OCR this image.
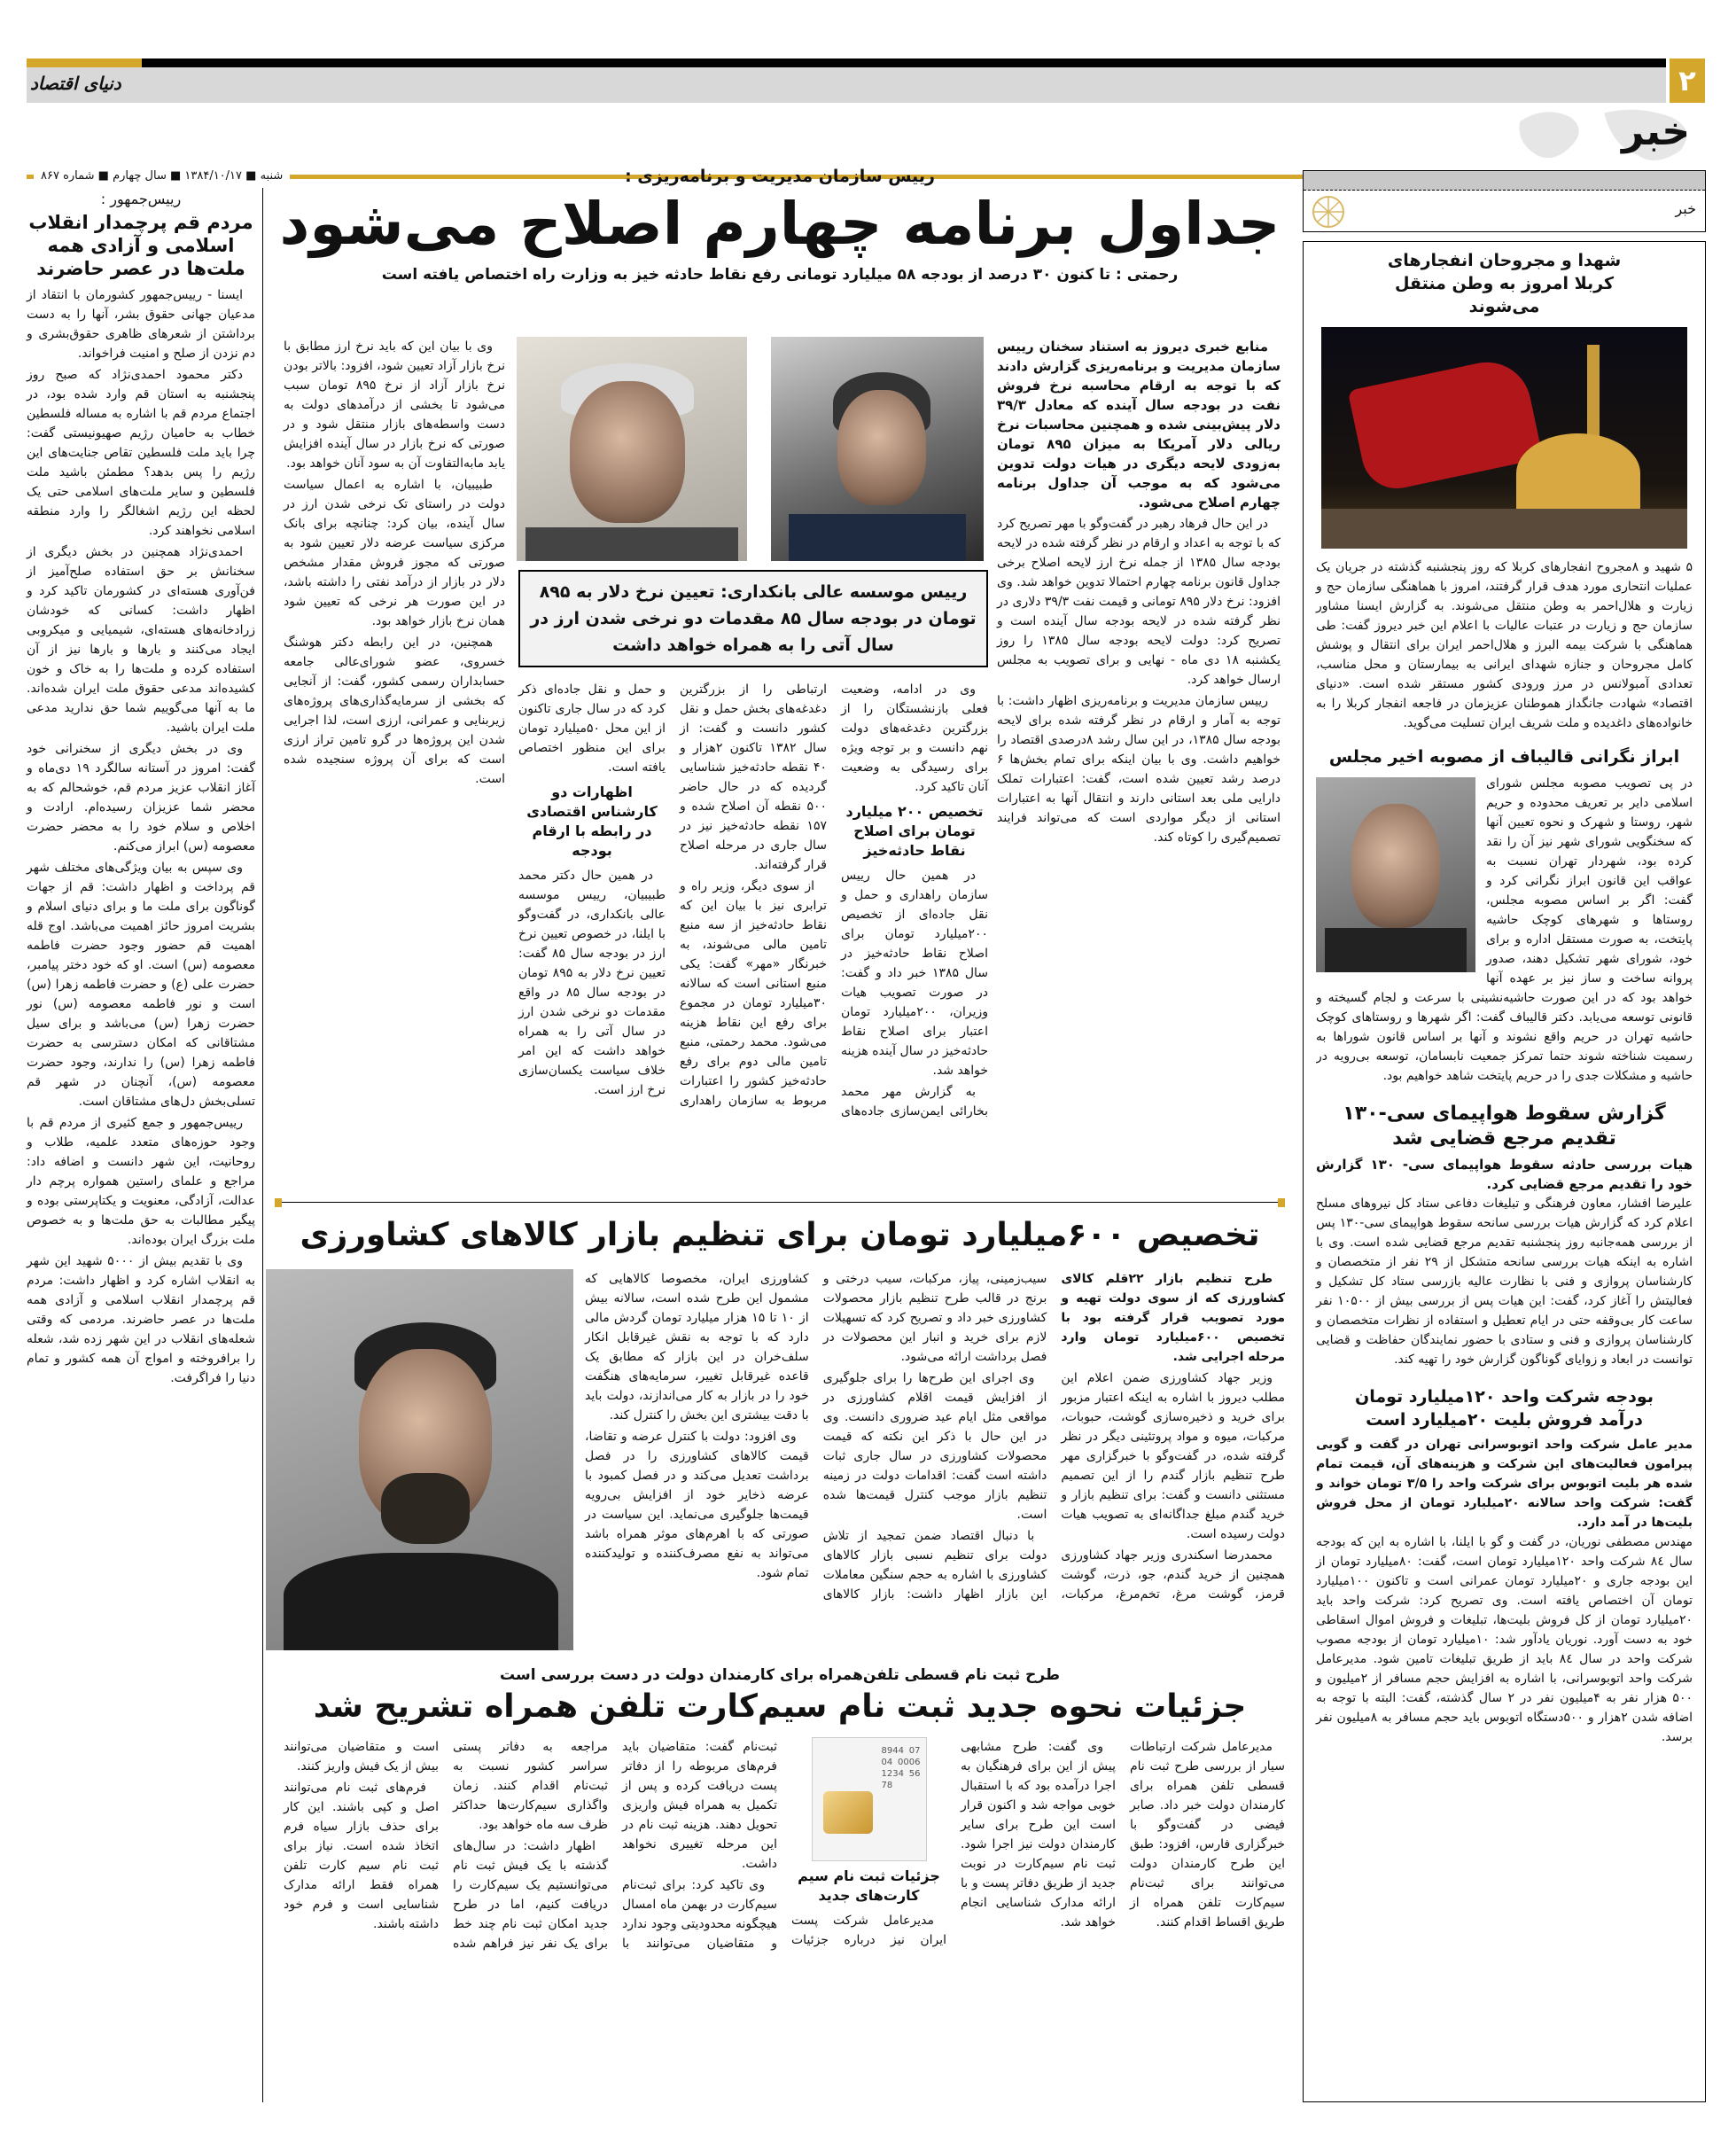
دنیای اقتصاد	۲
خبر
شنبه ■ ۱۳۸۴/۱۰/۱۷ ■ سال چهارم ■ شماره ۸۶۷
رییس‌جمهور :
مردم قم پرچمدار انقلاب اسلامی و آزادی همه ملت‌ها در عصر حاضرند

ایسنا - رییس‌جمهور کشورمان با انتقاد از مدعیان جهانی حقوق بشر، آنها را به دست برداشتن از شعرهای ظاهری حقوق‌بشری و دم نزدن از صلح و امنیت فراخواند.

دکتر محمود احمدی‌نژاد که صبح روز پنجشنبه به استان قم وارد شده بود، در اجتماع مردم قم با اشاره به مساله فلسطین خطاب به حامیان رژیم صهیونیستی گفت: چرا باید ملت فلسطین تقاص جنایت‌های این رژیم را پس بدهد؟ مطمئن باشید ملت فلسطین و سایر ملت‌های اسلامی حتی یک لحظه این رژیم اشغالگر را وارد منطقه اسلامی نخواهند کرد.

احمدی‌نژاد همچنین در بخش دیگری از سخنانش بر حق استفاده صلح‌آمیز از فن‌آوری هسته‌ای در کشورمان تاکید کرد و اظهار داشت: کسانی که خودشان زرادخانه‌های هسته‌ای، شیمیایی و میکروبی ایجاد می‌کنند و بارها و بارها نیز از آن استفاده کرده و ملت‌ها را به خاک و خون کشیده‌اند مدعی حقوق ملت ایران شده‌اند. ما به آنها می‌گوییم شما حق ندارید مدعی ملت ایران باشید.

وی در بخش دیگری از سخنرانی خود گفت: امروز در آستانه سالگرد ۱۹ دی‌ماه و آغاز انقلاب عزیز مردم قم، خوشحالم که به محضر شما عزیزان رسیده‌ام. ارادت و اخلاص و سلام خود را به محضر حضرت معصومه (س) ابراز می‌کنم.

وی سپس به بیان ویژگی‌های مختلف شهر قم پرداخت و اظهار داشت: قم از جهات گوناگون برای ملت ما و برای دنیای اسلام و بشریت امروز حائز اهمیت می‌باشد. اوج قله اهمیت قم حضور وجود حضرت فاطمه معصومه (س) است. او که خود دختر پیامبر، حضرت علی (ع) و حضرت فاطمه زهرا (س) است و نور فاطمه معصومه (س) نور حضرت زهرا (س) می‌باشد و برای سیل مشتاقانی که امکان دسترسی به حضرت فاطمه زهرا (س) را ندارند، وجود حضرت معصومه (س)، آنچنان در شهر قم تسلی‌بخش دل‌های مشتاقان است.

رییس‌جمهور و جمع کثیری از مردم قم با وجود حوزه‌های متعدد علمیه، طلاب و روحانیت، این شهر دانست و اضافه داد: مراجع و علمای راستین همواره پرچم دار عدالت، آزادگی، معنویت و یکتاپرستی بوده و پیگیر مطالبات به حق ملت‌ها و به خصوص ملت بزرگ ایران بوده‌اند.

وی با تقدیم بیش از ۵۰۰۰ شهید این شهر به انقلاب اشاره کرد و اظهار داشت: مردم قم پرچمدار انقلاب اسلامی و آزادی همه ملت‌ها در عصر حاضرند. مردمی که وقتی شعله‌های انقلاب در این شهر زده شد، شعله را برافروخته و امواج آن همه کشور و تمام دنیا را فراگرفت.

رییس سازمان مدیریت و برنامه‌ریزی :
جداول برنامه چهارم اصلاح می‌شود
رحمتی : تا کنون ۳۰ درصد از بودجه ۵۸ میلیارد تومانی رفع نقاط حادثه خیز به وزارت راه اختصاص یافته است

منابع خبری دیروز به استناد سخنان رییس سازمان مدیریت و برنامه‌ریزی گزارش دادند که با توجه به ارقام محاسبه نرخ فروش نفت در بودجه سال آینده که معادل ۳۹/۳ دلار پیش‌بینی شده و همچنین محاسبات نرخ ریالی دلار آمریکا به میزان ۸۹۵ تومان به‌زودی لایحه دیگری در هیات دولت تدوین می‌شود که به موجب آن جداول برنامه چهارم اصلاح می‌شود.

در این حال فرهاد رهبر در گفت‌وگو با مهر تصریح کرد که با توجه به اعداد و ارقام در نظر گرفته شده در لایحه بودجه سال ۱۳۸۵ از جمله نرخ ارز لایحه اصلاح برخی جداول قانون برنامه چهارم احتمالا تدوین خواهد شد. وی افزود: نرخ دلار ۸۹۵ تومانی و قیمت نفت ۳۹/۳ دلاری در نظر گرفته شده در لایحه بودجه سال آینده است و تصریح کرد: دولت لایحه بودجه سال ۱۳۸۵ را روز یکشنبه ۱۸ دی ماه - نهایی و برای تصویب به مجلس ارسال خواهد کرد.

رییس سازمان مدیریت و برنامه‌ریزی اظهار داشت: با توجه به آمار و ارقام در نظر گرفته شده برای لایحه بودجه سال ۱۳۸۵، در این سال رشد ۸درصدی اقتصاد را خواهیم داشت. وی با بیان اینکه برای تمام بخش‌ها ۶ درصد رشد تعیین شده است، گفت: اعتبارات تملک دارایی ملی بعد استانی دارند و انتقال آنها به اعتبارات استانی از دیگر مواردی است که می‌تواند فرایند تصمیم‌گیری را کوتاه کند.

رییس موسسه عالی بانکداری: تعیین نرخ دلار به ۸۹۵ تومان در بودجه سال ۸۵ مقدمات دو نرخی شدن ارز در سال آتی را به همراه خواهد داشت

وی در ادامه، وضعیت فعلی بازنشستگان را از بزرگترین دغدغه‌های دولت نهم دانست و بر توجه ویژه برای رسیدگی به وضعیت آنان تاکید کرد.

تخصیص ۲۰۰ میلیارد تومان برای اصلاح نقاط حادثه‌خیز

در همین حال رییس سازمان راهداری و حمل و نقل جاده‌ای از تخصیص ۲۰۰میلیارد تومان برای اصلاح نقاط حادثه‌خیز در سال ۱۳۸۵ خبر داد و گفت: در صورت تصویب هیات وزیران، ۲۰۰میلیارد تومان اعتبار برای اصلاح نقاط حادثه‌خیز در سال آینده هزینه خواهد شد.

به گزارش مهر محمد بخارائی ایمن‌سازی جاده‌های ارتباطی را از بزرگترین دغدغه‌های بخش حمل و نقل کشور دانست و گفت: از سال ۱۳۸۲ تاکنون ۲هزار و ۴۰ نقطه حادثه‌خیز شناسایی گردیده که در حال حاضر ۵۰۰ نقطه آن اصلاح شده و ۱۵۷ نقطه حادثه‌خیز نیز در سال جاری در مرحله اصلاح قرار گرفته‌اند.

از سوی دیگر، وزیر راه و ترابری نیز با بیان این که نقاط حادثه‌خیز از سه منبع تامین مالی می‌شوند، به خبرنگار «مهر» گفت: یکی منبع استانی است که سالانه ۳۰میلیارد تومان در مجموع برای رفع این نقاط هزینه می‌شود. محمد رحمتی، منبع تامین مالی دوم برای رفع حادثه‌خیز کشور را اعتبارات مربوط به سازمان راهداری و حمل و نقل جاده‌ای ذکر کرد که در سال جاری تاکنون از این محل ۵۰میلیارد تومان برای این منظور اختصاص یافته است.

اظهارات دو کارشناس اقتصادی در رابطه با ارقام بودجه

در همین حال دکتر محمد طبیبیان، رییس موسسه عالی بانکداری، در گفت‌وگو با ایلنا، در خصوص تعیین نرخ ارز در بودجه سال ۸۵ گفت: تعیین نرخ دلار به ۸۹۵ تومان در بودجه سال ۸۵ در واقع مقدمات دو نرخی شدن ارز در سال آتی را به همراه خواهد داشت که این امر خلاف سیاست یکسان‌سازی نرخ ارز است.

وی با بیان این که باید نرخ ارز مطابق با نرخ بازار آزاد تعیین شود، افزود: بالاتر بودن نرخ بازار آزاد از نرخ ۸۹۵ تومان سبب می‌شود تا بخشی از درآمدهای دولت به دست واسطه‌های بازار منتقل شود و در صورتی که نرخ بازار در سال آینده افزایش یابد مابه‌التفاوت آن به سود آنان خواهد بود.

طبیبیان، با اشاره به اعمال سیاست دولت در راستای تک نرخی شدن ارز در سال آینده، بیان کرد: چنانچه برای بانک مرکزی سیاست عرضه دلار تعیین شود به صورتی که مجوز فروش مقدار مشخص دلار در بازار از درآمد نفتی را داشته باشد، در این صورت هر نرخی که تعیین شود همان نرخ بازار خواهد بود.

همچنین، در این رابطه دکتر هوشنگ خسروی، عضو شورای‌عالی جامعه حسابداران رسمی کشور، گفت: از آنجایی که بخشی از سرمایه‌گذاری‌های پروژه‌های زیربنایی و عمرانی، ارزی است، لذا اجرایی شدن این پروژه‌ها در گرو تامین تراز ارزی است که برای آن پروژه سنجیده شده است.

تخصیص ۶۰۰میلیارد تومان برای تنظیم بازار کالاهای کشاورزی

طرح تنظیم بازار ۲۲قلم کالای کشاورزی که از سوی دولت تهیه و مورد تصویب قرار گرفته بود با تخصیص ۶۰۰میلیارد تومان وارد مرحله اجرایی شد.

وزیر جهاد کشاورزی ضمن اعلام این مطلب دیروز با اشاره به اینکه اعتبار مزبور برای خرید و ذخیره‌سازی گوشت، حبوبات، مرکبات، میوه و مواد پروتئینی دیگر در نظر گرفته شده، در گفت‌وگو با خبرگزاری مهر طرح تنظیم بازار گندم را از این تصمیم مستثنی دانست و گفت: برای تنظیم بازار و خرید گندم مبلغ جداگانه‌ای به تصویب هیات دولت رسیده است.

محمدرضا اسکندری وزیر جهاد کشاورزی همچنین از خرید گندم، جو، ذرت، گوشت قرمز، گوشت مرغ، تخم‌مرغ، مرکبات، سیب‌زمینی، پیاز، مرکبات، سیب درختی و برنج در قالب طرح تنظیم بازار محصولات کشاورزی خبر داد و تصریح کرد که تسهیلات لازم برای خرید و انبار این محصولات در فصل برداشت ارائه می‌شود.

وی اجرای این طرح‌ها را برای جلوگیری از افزایش قیمت اقلام کشاورزی در مواقعی مثل ایام عید ضروری دانست. وی در این حال با ذکر این نکته که قیمت محصولات کشاورزی در سال جاری ثبات داشته است گفت: اقدامات دولت در زمینه تنظیم بازار موجب کنترل قیمت‌ها شده است.

با دنبال اقتصاد ضمن تمجید از تلاش دولت برای تنظیم نسبی بازار کالاهای کشاورزی با اشاره به حجم سنگین معاملات این بازار اظهار داشت: بازار کالاهای کشاورزی ایران، مخصوصا کالاهایی که مشمول این طرح شده است، سالانه بیش از ۱۰ تا ۱۵ هزار میلیارد تومان گردش مالی دارد که با توجه به نقش غیرقابل انکار سلف‌خران در این بازار که مطابق یک قاعده غیرقابل تغییر، سرمایه‌های هنگفت خود را در بازار به کار می‌اندازند، دولت باید با دقت بیشتری این بخش را کنترل کند.

وی افزود: دولت با کنترل عرضه و تقاضا، قیمت کالاهای کشاورزی را در فصل برداشت تعدیل می‌کند و در فصل کمبود با عرضه ذخایر خود از افزایش بی‌رویه قیمت‌ها جلوگیری می‌نماید. این سیاست در صورتی که با اهرم‌های موثر همراه باشد می‌تواند به نفع مصرف‌کننده و تولیدکننده تمام شود.

طرح ثبت نام قسطی تلفن‌همراه برای کارمندان دولت در دست بررسی است
جزئیات نحوه جدید ثبت نام سیم‌کارت تلفن همراه تشریح شد

مدیرعامل شرکت ارتباطات سیار از بررسی طرح ثبت نام قسطی تلفن همراه برای کارمندان دولت خبر داد. صابر فیضی در گفت‌وگو با خبرگزاری فارس، افزود: طبق این طرح کارمندان دولت می‌توانند برای ثبت‌نام سیم‌کارت تلفن همراه از طریق اقساط اقدام کنند.

وی گفت: طرح مشابهی پیش از این برای فرهنگیان به اجرا درآمده بود که با استقبال خوبی مواجه شد و اکنون قرار است این طرح برای سایر کارمندان دولت نیز اجرا شود. ثبت نام سیم‌کارت در نوبت جدید از طریق دفاتر پست و با ارائه مدارک شناسایی انجام خواهد شد.

8944 0704 0006 1234 5678
جزئیات ثبت نام سیم کارت‌های جدید

مدیرعامل شرکت پست ایران نیز درباره جزئیات ثبت‌نام گفت: متقاضیان باید فرم‌های مربوطه را از دفاتر پست دریافت کرده و پس از تکمیل به همراه فیش واریزی تحویل دهند. هزینه ثبت نام در این مرحله تغییری نخواهد داشت.

وی تاکید کرد: برای ثبت‌نام سیم‌کارت در بهمن ماه امسال هیچگونه محدودیتی وجود ندارد و متقاضیان می‌توانند با مراجعه به دفاتر پستی سراسر کشور نسبت به ثبت‌نام اقدام کنند. زمان واگذاری سیم‌کارت‌ها حداکثر ظرف سه ماه خواهد بود.

اظهار داشت: در سال‌های گذشته با یک فیش ثبت نام می‌توانستیم یک سیم‌کارت را دریافت کنیم، اما در طرح جدید امکان ثبت نام چند خط برای یک نفر نیز فراهم شده است و متقاضیان می‌توانند بیش از یک فیش واریز کنند.

فرم‌های ثبت نام می‌توانند اصل و کپی باشند. این کار برای حذف بازار سیاه فرم اتخاذ شده است. نیاز برای ثبت نام سیم کارت تلفن همراه فقط ارائه مدارک شناسایی است و فرم خود داشته باشند.

خبر
شهدا و مجروحان انفجارهای کربلا امروز به وطن منتقل می‌شوند
۵ شهید و ۸مجروح انفجارهای کربلا که روز پنجشنبه گذشته در جریان یک عملیات انتحاری مورد هدف قرار گرفتند، امروز با هماهنگی سازمان حج و زیارت و هلال‌احمر به وطن منتقل می‌شوند. به گزارش ایسنا مشاور سازمان حج و زیارت در عتبات عالیات با اعلام این خبر دیروز گفت: طی هماهنگی با شرکت بیمه البرز و هلال‌احمر ایران برای انتقال و پوشش کامل مجروحان و جنازه شهدای ایرانی به بیمارستان و محل مناسب، تعدادی آمبولانس در مرز ورودی کشور مستقر شده است. «دنیای اقتصاد» شهادت جانگداز هموطنان عزیزمان در فاجعه انفجار کربلا را به خانواده‌های داغدیده و ملت شریف ایران تسلیت می‌گوید.
ابراز نگرانی قالیباف از مصوبه اخیر مجلس
در پی تصویب مصوبه مجلس شورای اسلامی دایر بر تعریف محدوده و حریم شهر، روستا و شهرک و نحوه تعیین آنها که سخنگویی شورای شهر نیز آن را نقد کرده بود، شهردار تهران نسبت به عواقب این قانون ابراز نگرانی کرد و گفت: اگر بر اساس مصوبه مجلس، روستاها و شهرهای کوچک حاشیه پایتخت، به صورت مستقل اداره و برای خود، شورای شهر تشکیل دهند، صدور پروانه ساخت و ساز نیز بر عهده آنها خواهد بود که در این صورت حاشیه‌نشینی با سرعت و لجام گسیخته و قانونی توسعه می‌یابد. دکتر قالیباف گفت: اگر شهرها و روستاهای کوچک حاشیه تهران در حریم واقع نشوند و آنها بر اساس قانون شوراها به رسمیت شناخته شوند حتما تمرکز جمعیت نابسامان، توسعه بی‌رویه در حاشیه و مشکلات جدی را در حریم پایتخت شاهد خواهیم بود.
گزارش سقوط هواپیمای سی-۱۳۰ تقدیم مرجع قضایی شد
هیات بررسی حادثه سقوط هواپیمای سی- ۱۳۰ گزارش خود را تقدیم مرجع قضایی کرد.
علیرضا افشار، معاون فرهنگی و تبلیغات دفاعی ستاد کل نیروهای مسلح اعلام کرد که گزارش هیات بررسی سانحه سقوط هواپیمای سی-۱۳۰ پس از بررسی همه‌جانبه روز پنجشنبه تقدیم مرجع قضایی شده است. وی با اشاره به اینکه هیات بررسی سانحه متشکل از ۲۹ نفر از متخصصان و کارشناسان پروازی و فنی با نظارت عالیه بازرسی ستاد کل تشکیل و فعالیتش را آغاز کرد، گفت: این هیات پس از بررسی بیش از ۱۰۵۰۰ نفر ساعت کار بی‌وقفه حتی در ایام تعطیل و استفاده از نظرات متخصصان و کارشناسان پروازی و فنی و ستادی با حضور نمایندگان حفاظت و قضایی توانست در ابعاد و زوایای گوناگون گزارش خود را تهیه کند.
بودجه شرکت واحد ۱۲۰میلیارد تومان درآمد فروش بلیت ۲۰میلیارد است
مدیر عامل شرکت واحد اتوبوسرانی تهران در گفت و گویی پیرامون فعالیت‌های این شرکت و هزینه‌های آن، قیمت تمام شده هر بلیت اتوبوس برای شرکت واحد را ۳/۵ تومان خواند و گفت: شرکت واحد سالانه ۲۰میلیارد تومان از محل فروش بلیت‌ها در آمد دارد.
مهندس مصطفی نوریان، در گفت و گو با ایلنا، با اشاره به این که بودجه سال ۸٤ شرکت واحد ۱۲۰میلیارد تومان است، گفت: ۸۰میلیارد تومان از این بودجه جاری و ۲۰میلیارد تومان عمرانی است و تاکنون ۱۰۰میلیارد تومان آن اختصاص یافته است. وی تصریح کرد: شرکت واحد باید ۲۰میلیارد تومان از کل فروش بلیت‌ها، تبلیغات و فروش اموال اسقاطی خود به دست آورد. نوریان یادآور شد: ۱۰میلیارد تومان از بودجه مصوب شرکت واحد در سال ۸٤ باید از طریق تبلیغات تامین شود. مدیرعامل شرکت واحد اتوبوسرانی، با اشاره به افزایش حجم مسافر از ۲میلیون و ۵۰۰ هزار نفر به ۴میلیون نفر در ۲ سال گذشته، گفت: البته با توجه به اضافه شدن ۲هزار و ۵۰۰دستگاه اتوبوس باید حجم مسافر به ۸میلیون نفر برسد.
